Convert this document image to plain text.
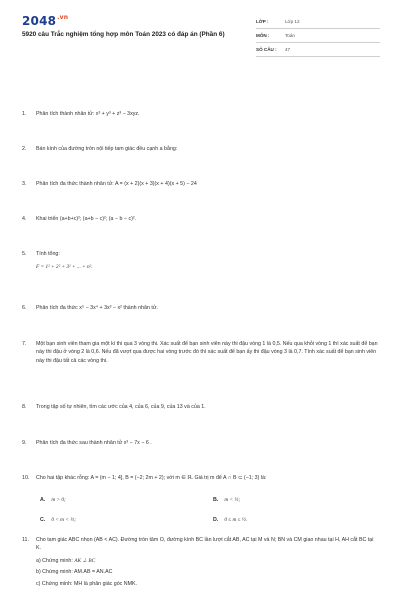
$2048^{.vn}$
5920 câu Trắc nghiệm tổng hợp môn Toán 2023 có đáp án (Phần 6)
LỚP :	Lớp 12
MÔN :	Toán
SỐ CÂU :	47
1. Phân tích thành nhân tử: x³ + y³ + z³ − 3xyz.
2. Bán kính của đường tròn nội tiếp tam giác đều cạnh a bằng:
3. Phân tích đa thức thành nhân tử: A = (x + 2)(x + 3)(x + 4)(x + 5) − 24
4. Khai triển (a+b+c)²; (a+b − c)²; (a − b − c)².
5. Tính tổng:
F = 1² + 2² + 3² + ... + n².
6. Phân tích đa thức x⁵ − 3x⁴ + 3x³ − x² thành nhân tử.
7. Một bạn sinh viên tham gia một kì thi qua 3 vòng thi. Xác suất để bạn sinh viên này thi đậu vòng 1 là 0,5. Nếu qua khỏi vòng 1 thì xác suất để bạn này thi đậu ở vòng 2 là 0,6. Nếu đã vượt qua được hai vòng trước đó thì xác suất để bạn ấy thi đậu vòng 3 là 0,7. Tính xác suất để bạn sinh viên này thi đậu tất cả các vòng thi.
8. Trong tập số tự nhiên, tìm các ước của 4, của 6, của 9, của 13 và của 1.
9. Phân tích đa thức sau thành nhân tử x³ − 7x − 6 .
10. Cho hai tập khác rỗng: A = (m − 1; 4], B = (−2; 2m + 2); với m ∈ ℝ. Giá trị m để A ∩ B ⊂ (−1; 3) là:
A. m > 0;	B. m < ½;
C. 0 < m < ½;	D. 0 ≤ m ≤ ½.
11. Cho tam giác ABC nhọn (AB < AC). Đường tròn tâm O, đường kính BC lần lượt cắt AB, AC tại M và N; BN và CM giao nhau tại H, AH cắt BC tại K.
a) Chứng minh: AK ⊥ BC
b) Chứng minh: AM.AB = AN.AC
c) Chứng minh: MH là phân giác góc NMK.
